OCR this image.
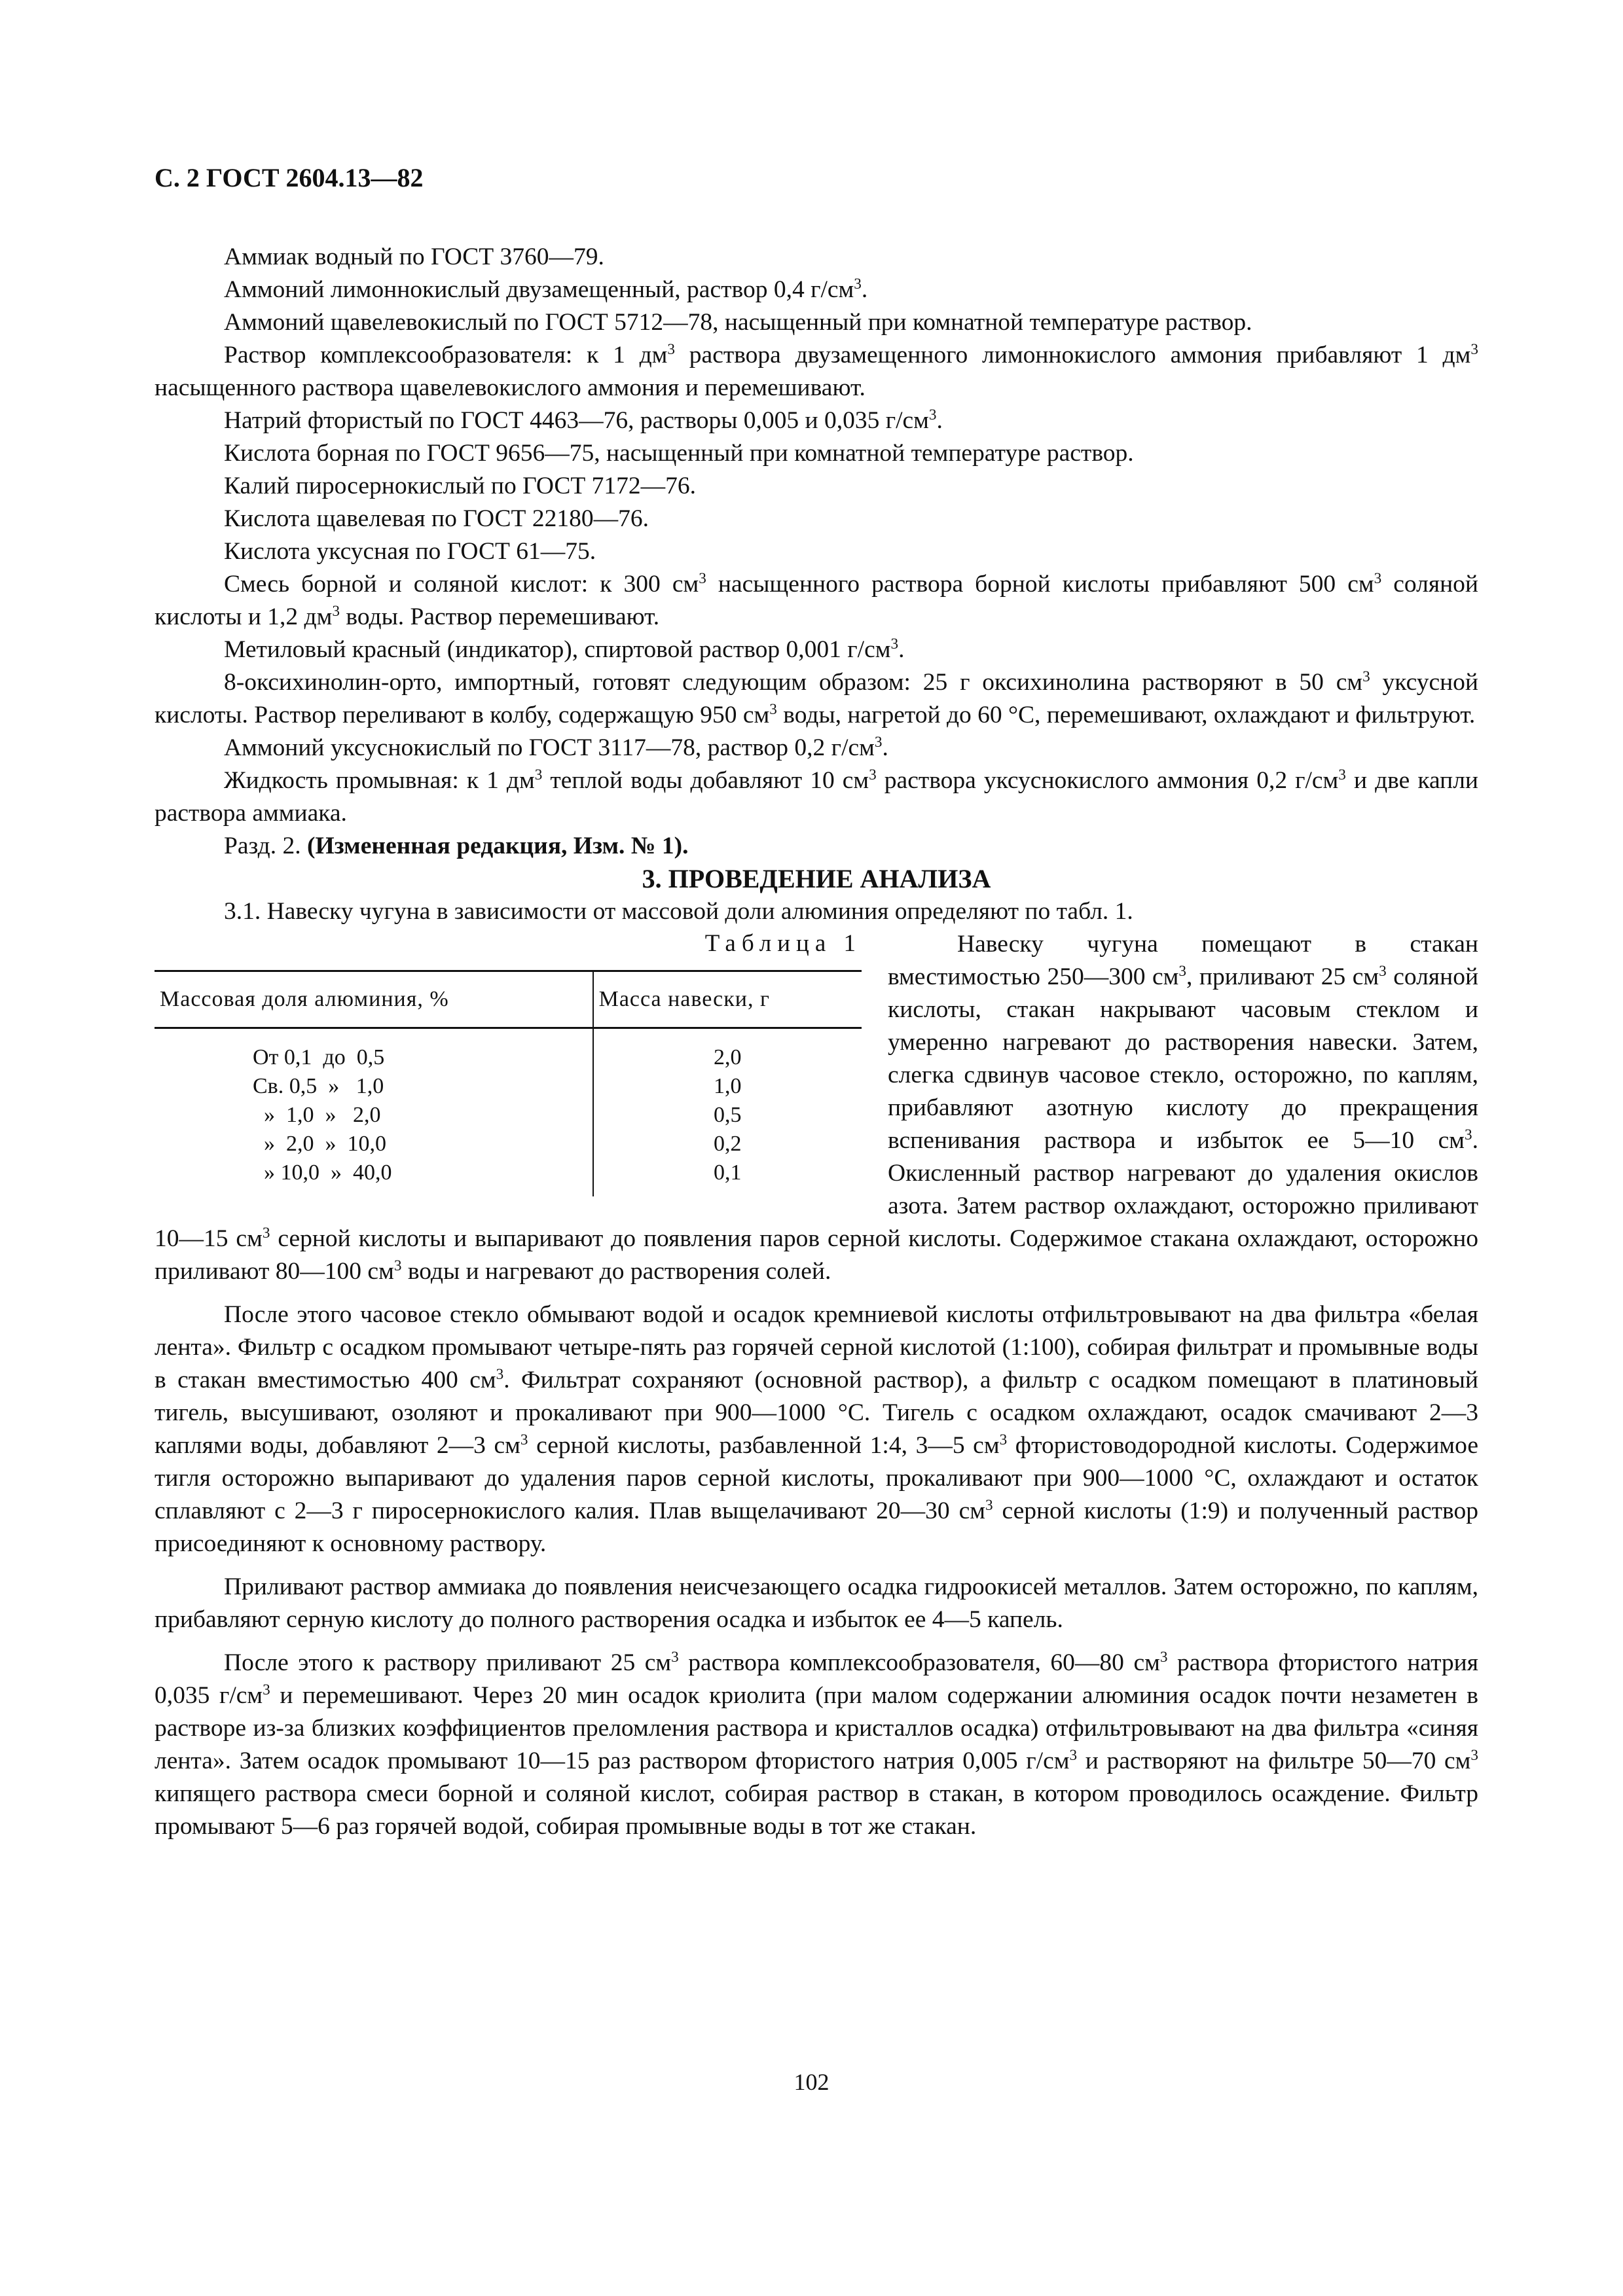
С. 2 ГОСТ 2604.13—82

Аммиак водный по ГОСТ 3760—79.

Аммоний лимоннокислый двузамещенный, раствор 0,4 $г/см^3$.

Аммоний щавелевокислый по ГОСТ 5712—78, насыщенный при комнатной температуре раствор.

Раствор комплексообразователя: к 1 $дм^3$ раствора двузамещенного лимоннокислого аммония прибавляют 1 $дм^3$ насыщенного раствора щавелевокислого аммония и перемешивают.

Натрий фтористый по ГОСТ 4463—76, растворы 0,005 и 0,035 $г/см^3$.

Кислота борная по ГОСТ 9656—75, насыщенный при комнатной температуре раствор.

Калий пиросернокислый по ГОСТ 7172—76.

Кислота щавелевая по ГОСТ 22180—76.

Кислота уксусная по ГОСТ 61—75.

Смесь борной и соляной кислот: к 300 $см^3$ насыщенного раствора борной кислоты прибавляют 500 $см^3$ соляной кислоты и 1,2 $дм^3$ воды. Раствор перемешивают.

Метиловый красный (индикатор), спиртовой раствор 0,001 $г/см^3$.

8-оксихинолин-орто, импортный, готовят следующим образом: 25 г оксихинолина растворяют в 50 $см^3$ уксусной кислоты. Раствор переливают в колбу, содержащую 950 $см^3$ воды, нагретой до 60 °С, перемешивают, охлаждают и фильтруют.

Аммоний уксуснокислый по ГОСТ 3117—78, раствор 0,2 $г/см^3$.

Жидкость промывная: к 1 $дм^3$ теплой воды добавляют 10 $см^3$ раствора уксуснокислого аммония 0,2 $г/см^3$ и две капли раствора аммиака.

Разд. 2. (Измененная редакция, Изм. № 1).

3. ПРОВЕДЕНИЕ АНАЛИЗА

3.1. Навеску чугуна в зависимости от массовой доли алюминия определяют по табл. 1.

Таблица 1
Массовая доля алюминия, %	Масса навески, г
От 0,1  до  0,5	2,0
Св. 0,5  »   1,0	1,0
»  1,0  »   2,0	0,5
»  2,0  »  10,0	0,2
» 10,0  »  40,0	0,1

Навеску чугуна помещают в стакан вместимостью 250—300 $см^3$, приливают 25 $см^3$ соляной кислоты, стакан накрывают часовым стеклом и умеренно нагревают до растворения навески. Затем, слегка сдвинув часовое стекло, осторожно, по каплям, прибавляют азотную кислоту до прекращения вспенивания раствора и избыток ее 5—10 $см^3$. Окисленный раствор нагревают до удаления окислов азота. Затем раствор охлаждают, осторожно приливают 10—15 $см^3$ серной кислоты и выпаривают до появления паров серной кислоты. Содержимое стакана охлаждают, осторожно приливают 80—100 $см^3$ воды и нагревают до растворения солей.

После этого часовое стекло обмывают водой и осадок кремниевой кислоты отфильтровывают на два фильтра «белая лента». Фильтр с осадком промывают четыре-пять раз горячей серной кислотой (1:100), собирая фильтрат и промывные воды в стакан вместимостью 400 $см^3$. Фильтрат сохраняют (основной раствор), а фильтр с осадком помещают в платиновый тигель, высушивают, озоляют и прокаливают при 900—1000 °С. Тигель с осадком охлаждают, осадок смачивают 2—3 каплями воды, добавляют 2—3 $см^3$ серной кислоты, разбавленной 1:4, 3—5 $см^3$ фтористоводородной кислоты. Содержимое тигля осторожно выпаривают до удаления паров серной кислоты, прокаливают при 900—1000 °С, охлаждают и остаток сплавляют с 2—3 г пиросернокислого калия. Плав выщелачивают 20—30 $см^3$ серной кислоты (1:9) и полученный раствор присоединяют к основному раствору.

Приливают раствор аммиака до появления неисчезающего осадка гидроокисей металлов. Затем осторожно, по каплям, прибавляют серную кислоту до полного растворения осадка и избыток ее 4—5 капель.

После этого к раствору приливают 25 $см^3$ раствора комплексообразователя, 60—80 $см^3$ раствора фтористого натрия 0,035 $г/см^3$ и перемешивают. Через 20 мин осадок криолита (при малом содержании алюминия осадок почти незаметен в растворе из-за близких коэффициентов преломления раствора и кристаллов осадка) отфильтровывают на два фильтра «синяя лента». Затем осадок промывают 10—15 раз раствором фтористого натрия 0,005 $г/см^3$ и растворяют на фильтре 50—70 $см^3$ кипящего раствора смеси борной и соляной кислот, собирая раствор в стакан, в котором проводилось осаждение. Фильтр промывают 5—6 раз горячей водой, собирая промывные воды в тот же стакан.

102
